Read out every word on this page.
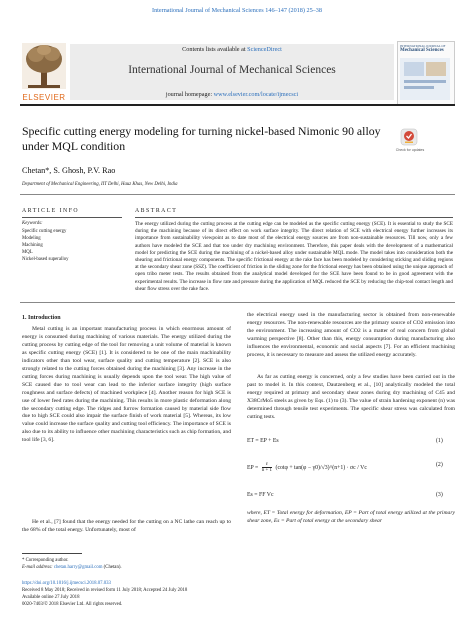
International Journal of Mechanical Sciences 146–147 (2018) 25–38
ELSEVIER
Contents lists available at ScienceDirect
International Journal of Mechanical Sciences
journal homepage: www.elsevier.com/locate/ijmecsci
INTERNATIONAL JOURNAL OF
Mechanical Sciences
Specific cutting energy modeling for turning nickel-based Nimonic 90 alloy under MQL condition	Check for updates
Chetan*, S. Ghosh, P.V. Rao
Department of Mechanical Engineering, IIT Delhi, Hauz Khas, New Delhi, India
ARTICLE INFO
Keywords:
Specific cutting energy
Modeling
Machining
MQL
Nickel-based superalloy
ABSTRACT
The energy utilized during the cutting process at the cutting edge can be modeled as the specific cutting energy (SCE). It is essential to study the SCE during the machining because of its direct effect on work surface integrity. The direct relation of SCE with electrical energy further increases its importance from sustainability viewpoint as to date most of the electrical energy sources are from non-sustainable resources. Till now, only a few authors have modeled the SCE and that too under dry machining environment. Therefore, this paper deals with the development of a mathematical model for predicting the SCE during the machining of a nickel-based alloy under sustainable MQL mode. The model takes into consideration both the shearing and frictional energy components. The specific frictional energy at the rake face has been modeled by considering sticking and sliding regions at the secondary shear zone (SSZ). The coefficient of friction in the sliding zone for the frictional energy has been obtained using the unique approach of open tribo meter tests. The results obtained from the analytical model developed for the SCE have been found to be in good agreement with the experimental results. The increase in flow rate and pressure during the application of MQL reduced the SCE by reducing the chip-tool contact length and shear flow stress over the rake face.
1. Introduction
Metal cutting is an important manufacturing process in which enormous amount of energy is consumed during machining of various materials. The energy utilized during the cutting process by cutting edge of the tool for removing a unit volume of material is known as specific cutting energy (SCE) [1]. It is considered to be one of the main machinability indicators other than tool wear, surface quality and cutting temperature [2]. SCE is also strongly related to the cutting forces obtained during the machining [3]. Any increase in the cutting forces during machining is usually depends upon the tool wear. The high value of SCE caused due to tool wear can lead to the inferior surface integrity (high surface roughness and surface defects) of machined workpiece [4]. Another reason for high SCE is use of lower feed rates during the machining. This results in more plastic deformation along the secondary cutting edge. The ridges and furrow formation caused by material side flow due to high SCE could also impair the surface finish of work material [5]. Whereas, its low value could increase the surface quality and cutting tool efficiency. The importance of SCE is also due to its ability to influence other machining characteristics such as chip formation, and tool life [3, 6].
He et al., [7] found that the energy needed for the cutting on a NC lathe can reach up to the 68% of the total energy. Unfortunately, most of
the electrical energy used in the manufacturing sector is obtained from non-renewable energy resources. The non-renewable resources are the primary source of CO2 emission into the environment. The increasing amount of CO2 is a matter of real concern from global warming perspective [8]. Other than this, energy consumption during manufacturing also influences the environmental, economic and social aspects [7]. For an efficient machining process, it is necessary to measure and assess the utilized energy accurately.
As far as cutting energy is concerned, only a few studies have been carried out in the past to model it. In this context, Dautzenberg et al., [10] analytically modeled the total energy required at primary and secondary shear zones during dry machining of C45 and X38CrMo5 steels as given by Eqs. (1) to (3). The value of strain hardening exponent (n) was determined through tensile test experiments. The specific shear stress was calculated from cutting tests.
ET = EP + Es	(1)
EP = $\frac{\varepsilon}{n + 1} (\cot\varphi + \tan(\varphi$ − γ0)/√3)^(n+1) · σc / Vc	(2)
Es = FF Vc	(3)
where, ET = Total energy for deformation, EP = Part of total energy utilized at the primary shear zone, Es = Part of total energy at the secondary shear
* Corresponding author.
E-mail address: chetan.harry@gmail.com (Chetan).
https://doi.org/10.1016/j.ijmecsci.2018.07.033
Received 8 May 2018; Received in revised form 11 July 2018; Accepted 24 July 2018
Available online 27 July 2018
0020-7403/© 2018 Elsevier Ltd. All rights reserved.
